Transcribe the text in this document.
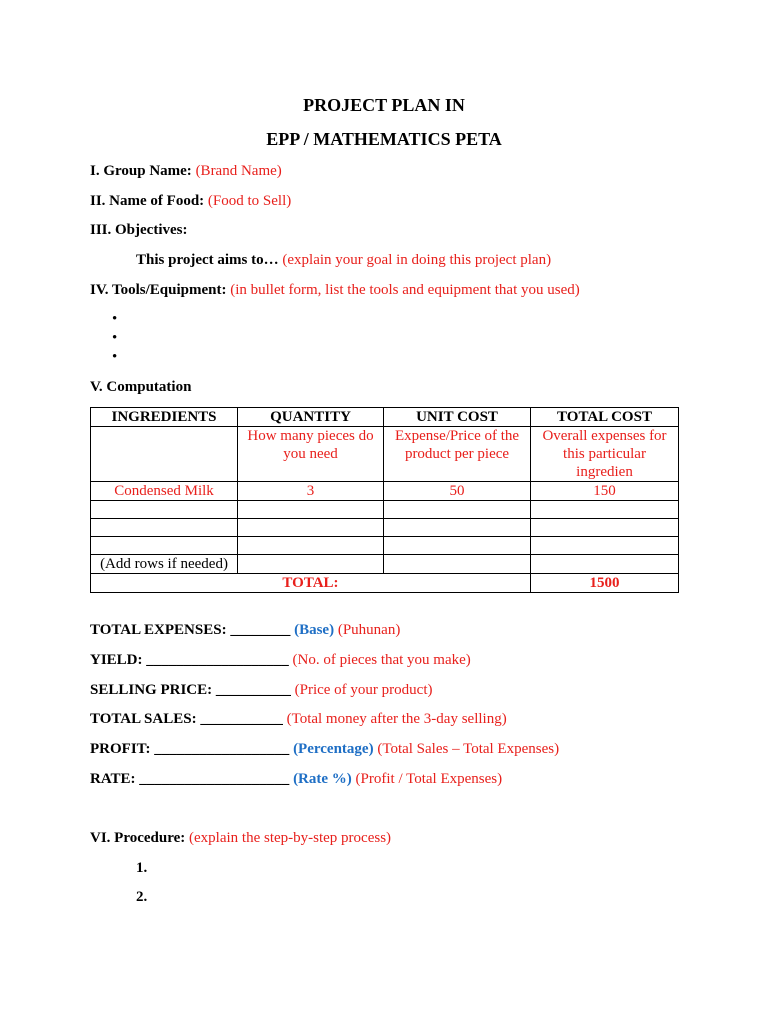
PROJECT PLAN IN
EPP / MATHEMATICS PETA
I. Group Name: (Brand Name)
II. Name of Food: (Food to Sell)
III. Objectives:
This project aims to… (explain your goal in doing this project plan)
IV. Tools/Equipment: (in bullet form, list the tools and equipment that you used)
•
•
•
V. Computation
INGREDIENTS	QUANTITY	UNIT COST	TOTAL COST
	How many pieces do you need	Expense/Price of the product per piece	Overall expenses for this particular ingredien
Condensed Milk	3	50	150

(Add rows if needed)			
TOTAL:			1500
TOTAL EXPENSES: ________ (Base) (Puhunan)
YIELD: ___________________ (No. of pieces that you make)
SELLING PRICE: __________ (Price of your product)
TOTAL SALES: ___________ (Total money after the 3-day selling)
PROFIT: __________________ (Percentage) (Total Sales – Total Expenses)
RATE: ____________________ (Rate %) (Profit / Total Expenses)
VI. Procedure: (explain the step-by-step process)
1.
2.
